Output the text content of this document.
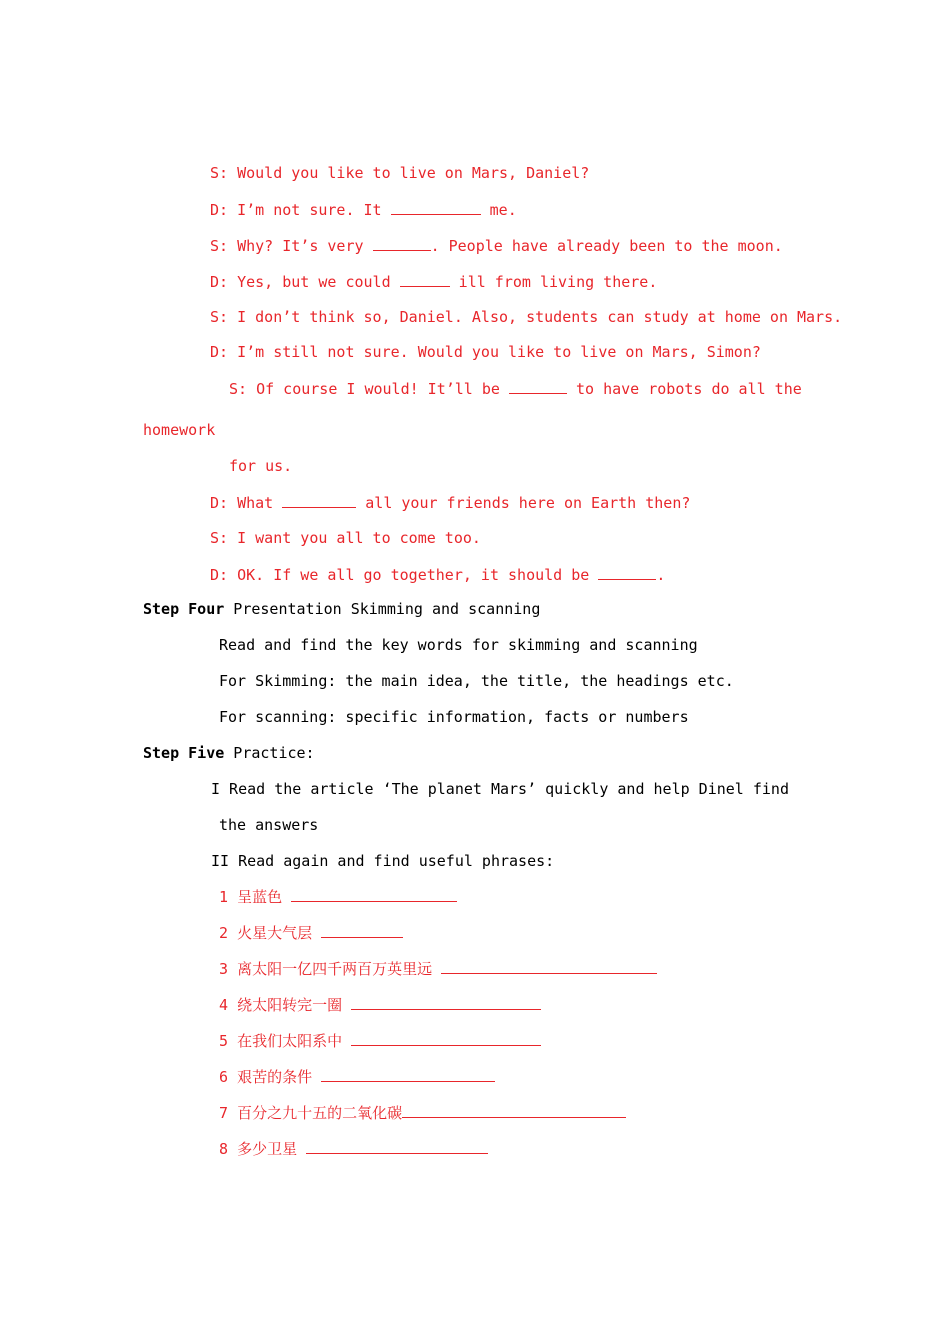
S: Would you like to live on Mars, Daniel?
D: I’m not sure. It	me.
S: Why? It’s very	. People have already been to the moon.
D: Yes, but we could	ill from living there.
S: I don’t think so, Daniel. Also, students can study at home on Mars.
D: I’m still not sure. Would you like to live on Mars, Simon?
S: Of course I would! It’ll be	to have robots do all the
homework
for us.
D: What	all your friends here on Earth then?
S: I want you all to come too.
D: OK. If we all go together, it should be	.
Step Four Presentation Skimming and scanning
Read and find the key words for skimming and scanning
For Skimming: the main idea, the title, the headings etc.
For scanning: specific information, facts or numbers
Step Five Practice:
I Read the article ‘The planet Mars’ quickly and help Dinel find
the answers
II Read again and find useful phrases:
1 呈蓝色
2 火星大气层
3 离太阳一亿四千两百万英里远
4 绕太阳转完一圈
5 在我们太阳系中
6 艰苦的条件
7 百分之九十五的二氧化碳
8 多少卫星
